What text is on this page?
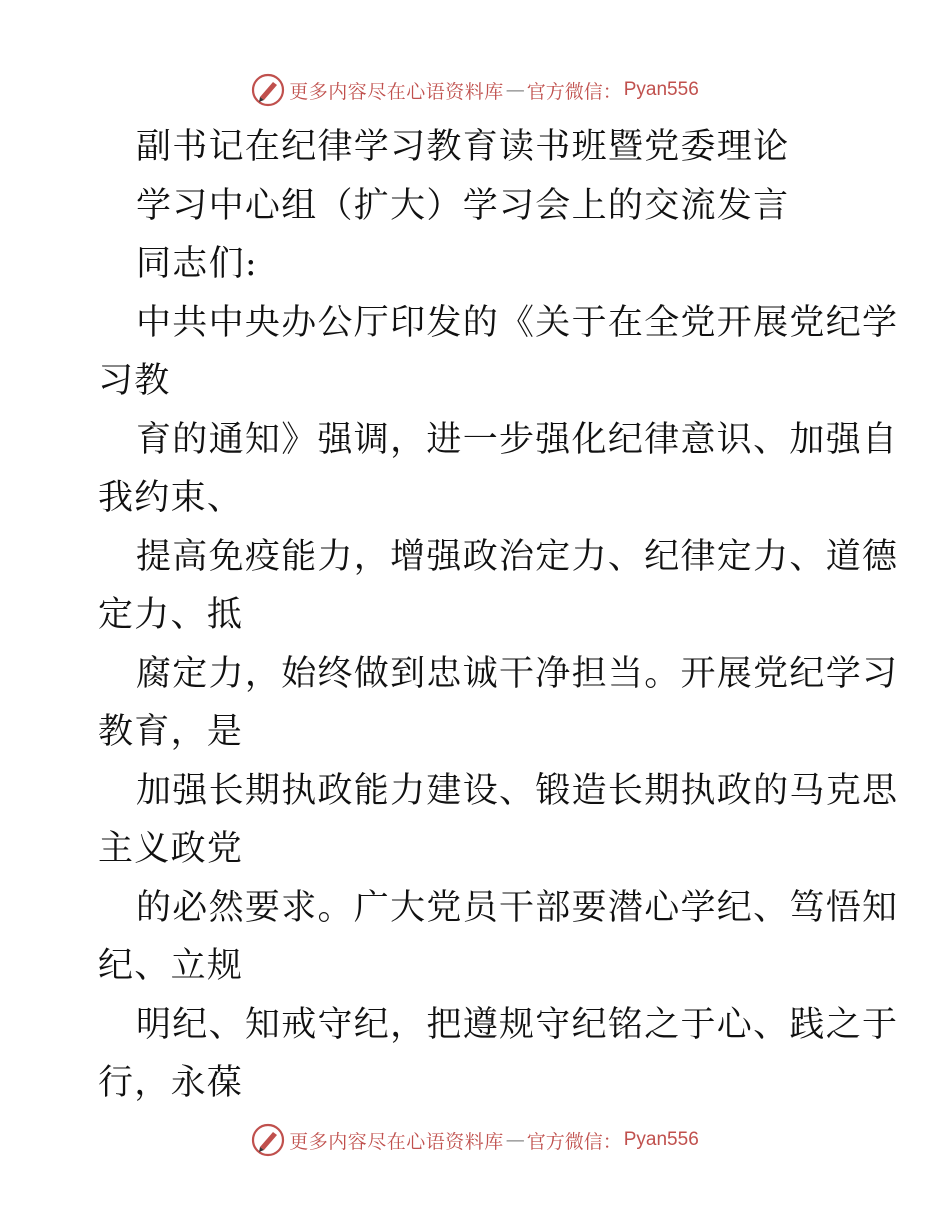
更多内容尽在心语资料库 — 官方微信： Pyan556

副书记在纪律学习教育读书班暨党委理论

学习中心组（扩大）学习会上的交流发言

同志们:

中共中央办公厅印发的《关于在全党开展党纪学

习教

育的通知》强调，进一步强化纪律意识、加强自

我约束、

提高免疫能力，增强政治定力、纪律定力、道德

定力、抵

腐定力，始终做到忠诚干净担当。开展党纪学习

教育，是

加强长期执政能力建设、锻造长期执政的马克思

主义政党

的必然要求。广大党员干部要潜心学纪、笃悟知

纪、立规

明纪、知戒守纪，把遵规守纪铭之于心、践之于

行，永葆

更多内容尽在心语资料库 — 官方微信： Pyan556
